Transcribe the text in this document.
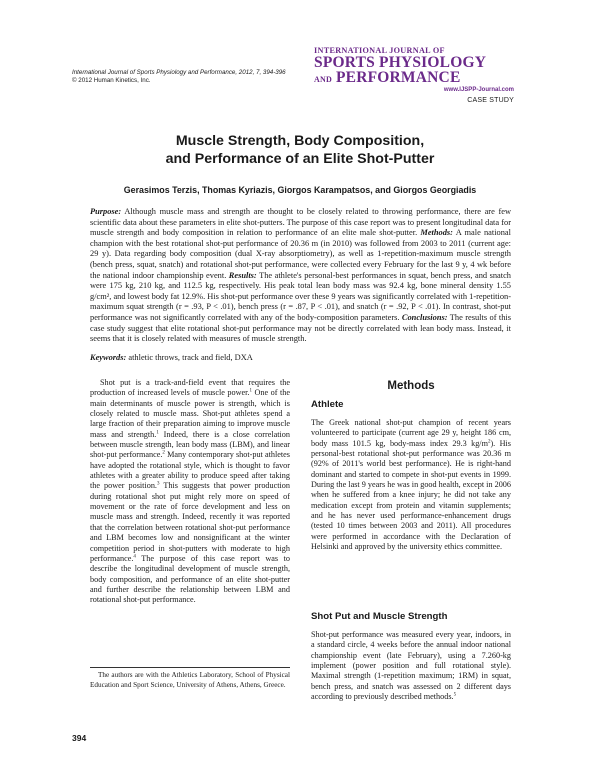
International Journal of Sports Physiology and Performance, 2012, 7, 394-396
© 2012 Human Kinetics, Inc.
INTERNATIONAL JOURNAL OF
SPORTS PHYSIOLOGY
AND PERFORMANCE
www.IJSPP-Journal.com
CASE STUDY
Muscle Strength, Body Composition,
and Performance of an Elite Shot-Putter
Gerasimos Terzis, Thomas Kyriazis, Giorgos Karampatsos, and Giorgos Georgiadis
Purpose: Although muscle mass and strength are thought to be closely related to throwing performance, there are few scientific data about these parameters in elite shot-putters. The purpose of this case report was to present longitudinal data for muscle strength and body composition in relation to performance of an elite male shot-putter. Methods: A male national champion with the best rotational shot-put performance of 20.36 m (in 2010) was followed from 2003 to 2011 (current age: 29 y). Data regarding body composition (dual X-ray absorptiometry), as well as 1-repetition-maximum muscle strength (bench press, squat, snatch) and rotational shot-put performance, were collected every February for the last 9 y, 4 wk before the national indoor championship event. Results: The athlete's personal-best performances in squat, bench press, and snatch were 175 kg, 210 kg, and 112.5 kg, respectively. His peak total lean body mass was 92.4 kg, bone mineral density 1.55 g/cm², and lowest body fat 12.9%. His shot-put performance over these 9 years was significantly correlated with 1-repetition-maximum squat strength (r = .93, P < .01), bench press (r = .87, P < .01), and snatch (r = .92, P < .01). In contrast, shot-put performance was not significantly correlated with any of the body-composition parameters. Conclusions: The results of this case study suggest that elite rotational shot-put performance may not be directly correlated with lean body mass. Instead, it seems that it is closely related with measures of muscle strength.
Keywords: athletic throws, track and field, DXA
Shot put is a track-and-field event that requires the production of increased levels of muscle power.$^1$ One of the main determinants of muscle power is strength, which is closely related to muscle mass. Shot-put athletes spend a large fraction of their preparation aiming to improve muscle mass and strength.$^1$ Indeed, there is a close correlation between muscle strength, lean body mass (LBM), and linear shot-put performance.$^2$ Many contemporary shot-put athletes have adopted the rotational style, which is thought to favor athletes with a greater ability to produce speed after taking the power position.$^3$ This suggests that power production during rotational shot put might rely more on speed of movement or the rate of force development and less on muscle mass and strength. Indeed, recently it was reported that the correlation between rotational shot-put performance and LBM becomes low and nonsignificant at the winter competition period in shot-putters with moderate to high performance.$^4$ The purpose of this case report was to describe the longitudinal development of muscle strength, body composition, and performance of an elite shot-putter and further describe the relationship between LBM and rotational shot-put performance.
The authors are with the Athletics Laboratory, School of Physical Education and Sport Science, University of Athens, Athens, Greece.
Methods
Athlete
The Greek national shot-put champion of recent years volunteered to participate (current age 29 y, height 186 cm, body mass 101.5 kg, body-mass index 29.3 $kg/m^2$). His personal-best rotational shot-put performance was 20.36 m (92% of 2011's world best performance). He is right-hand dominant and started to compete in shot-put events in 1999. During the last 9 years he was in good health, except in 2006 when he suffered from a knee injury; he did not take any medication except from protein and vitamin supplements; and he has never used performance-enhancement drugs (tested 10 times between 2003 and 2011). All procedures were performed in accordance with the Declaration of Helsinki and approved by the university ethics committee.
Shot Put and Muscle Strength
Shot-put performance was measured every year, indoors, in a standard circle, 4 weeks before the annual indoor national championship event (late February), using a 7.260-kg implement (power position and full rotational style). Maximal strength (1-repetition maximum; 1RM) in squat, bench press, and snatch was assessed on 2 different days according to previously described methods.$^5$
394
